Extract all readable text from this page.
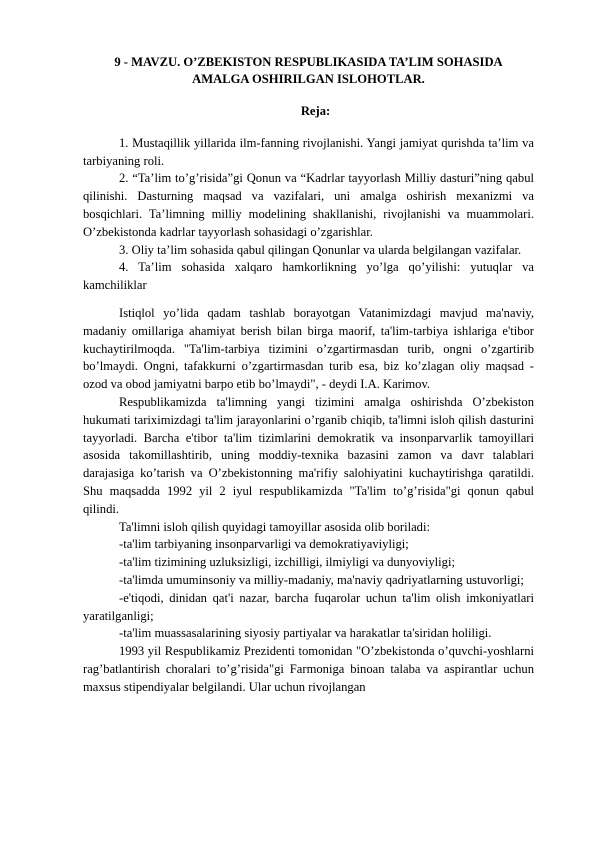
9 - MAVZU. O’ZBEKISTON RESPUBLIKASIDA TA’LIM SOHASIDA
AMALGA OSHIRILGAN ISLOHOTLAR.
Reja:

1. Mustaqillik yillarida ilm-fanning rivojlanishi. Yangi jamiyat qurishda ta’lim va tarbiyaning roli.

2. “Ta’lim to’g’risida”gi Qonun va “Kadrlar tayyorlash Milliy dasturi”ning qabul qilinishi. Dasturning maqsad va vazifalari, uni amalga oshirish mexanizmi va bosqichlari. Ta’limning milliy modelining shakllanishi, rivojlanishi va muammolari. O’zbekistonda kadrlar tayyorlash sohasidagi o’zgarishlar.

3. Oliy ta’lim sohasida qabul qilingan Qonunlar va ularda belgilangan vazifalar.

4. Ta’lim sohasida xalqaro hamkorlikning yo’lga qo’yilishi: yutuqlar va kamchiliklar

Istiqlol yo’lida qadam tashlab borayotgan Vatanimizdagi mavjud ma'naviy, madaniy omillariga ahamiyat berish bilan birga maorif, ta'lim-tarbiya ishlariga e'tibor kuchaytirilmoqda. "Ta'lim-tarbiya tizimini o’zgartirmasdan turib, ongni o’zgartirib bo’lmaydi. Ongni, tafakkurni o’zgartirmasdan turib esa, biz ko’zlagan oliy maqsad - ozod va obod jamiyatni barpo etib bo’lmaydi", - deydi I.A. Karimov.

Respublikamizda ta'limning yangi tizimini amalga oshirishda O’zbekiston hukumati tariximizdagi ta'lim jarayonlarini o’rganib chiqib, ta'limni isloh qilish dasturini tayyorladi. Barcha e'tibor ta'lim tizimlarini demokratik va insonparvarlik tamoyillari asosida takomillashtirib, uning moddiy-texnika bazasini zamon va davr talablari darajasiga ko’tarish va O’zbekistonning ma'rifiy salohiyatini kuchaytirishga qaratildi. Shu maqsadda 1992 yil 2 iyul respublikamizda "Ta'lim to’g’risida"gi qonun qabul qilindi.

Ta'limni isloh qilish quyidagi tamoyillar asosida olib boriladi:

-ta'lim tarbiyaning insonparvarligi va demokratiyaviyligi;

-ta'lim tizimining uzluksizligi, izchilligi, ilmiyligi va dunyoviyligi;

-ta'limda umuminsoniy va milliy-madaniy, ma'naviy qadriyatlarning ustuvorligi;

-e'tiqodi, dinidan qat'i nazar, barcha fuqarolar uchun ta'lim olish imkoniyatlari yaratilganligi;

-ta'lim muassasalarining siyosiy partiyalar va harakatlar ta'siridan holiligi.

1993 yil Respublikamiz Prezidenti tomonidan "O’zbekistonda o’quvchi-yoshlarni rag’batlantirish choralari to’g’risida"gi Farmoniga binoan talaba va aspirantlar uchun maxsus stipendiyalar belgilandi. Ular uchun rivojlangan
